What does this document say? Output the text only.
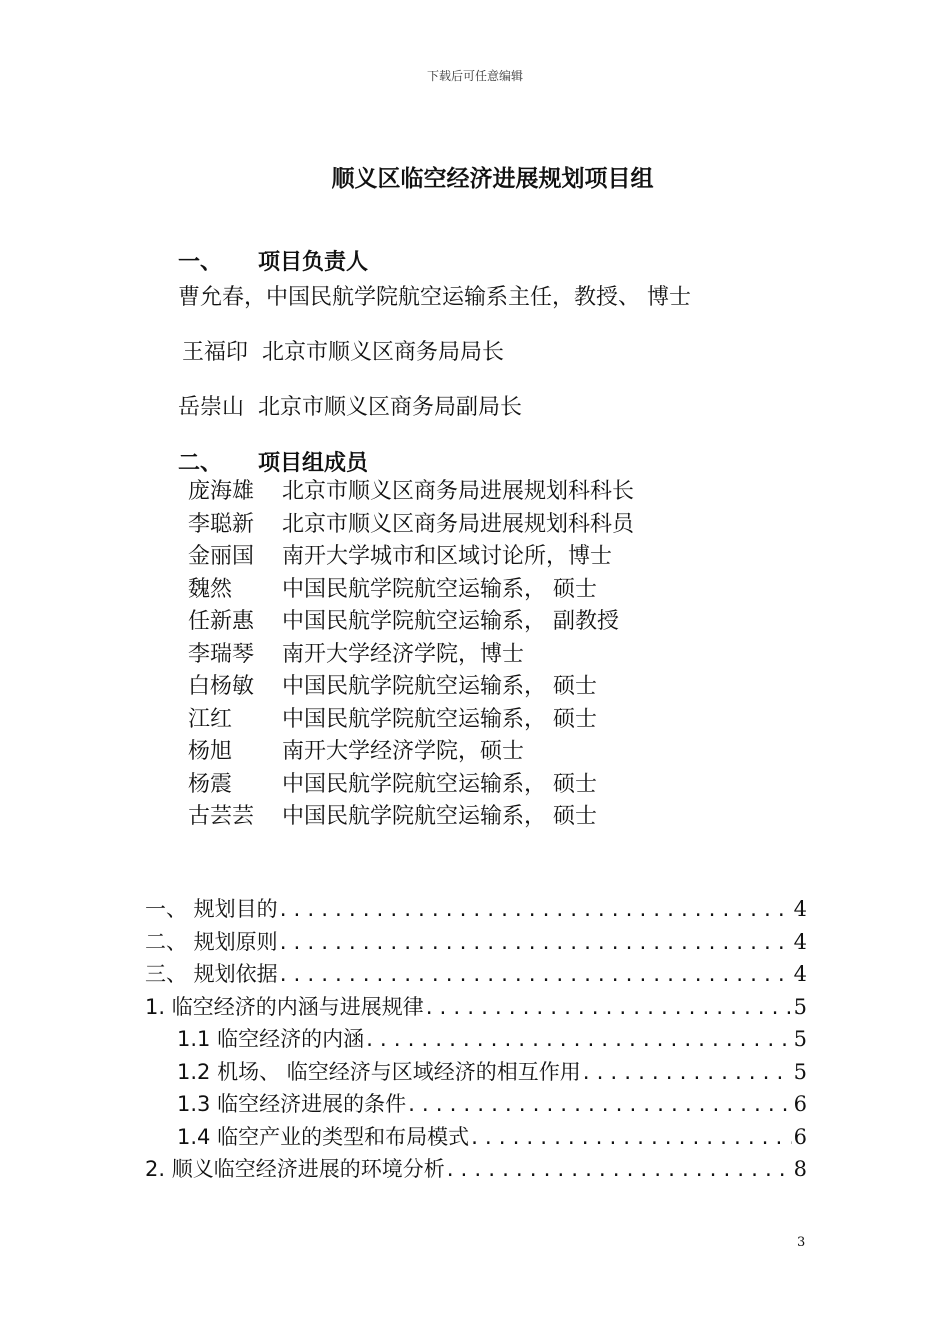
下载后可任意编辑
顺义区临空经济进展规划项目组
一、 项目负责人
曹允春，中国民航学院航空运输系主任，教授、 博士
王福印 北京市顺义区商务局局长
岳崇山 北京市顺义区商务局副局长
二、 项目组成员
庞海雄 北京市顺义区商务局进展规划科科长
李聪新 北京市顺义区商务局进展规划科科员
金丽国 南开大学城市和区域讨论所，博士
魏然 中国民航学院航空运输系， 硕士
任新惠 中国民航学院航空运输系， 副教授
李瑞琴 南开大学经济学院，博士
白杨敏 中国民航学院航空运输系， 硕士
江红 中国民航学院航空运输系， 硕士
杨旭 南开大学经济学院，硕士
杨震 中国民航学院航空运输系， 硕士
古芸芸 中国民航学院航空运输系， 硕士
一、 规划目的 .....	4
二、 规划原则 .....	4
三、 规划依据 .....	4
1. 临空经济的内涵与进展规律 .....	5
1.1 临空经济的内涵 .....	5
1.2 机场、 临空经济与区域经济的相互作用 .....	5
1.3 临空经济进展的条件 .....	6
1.4 临空产业的类型和布局模式 .....	6
2. 顺义临空经济进展的环境分析 .....	8
3
